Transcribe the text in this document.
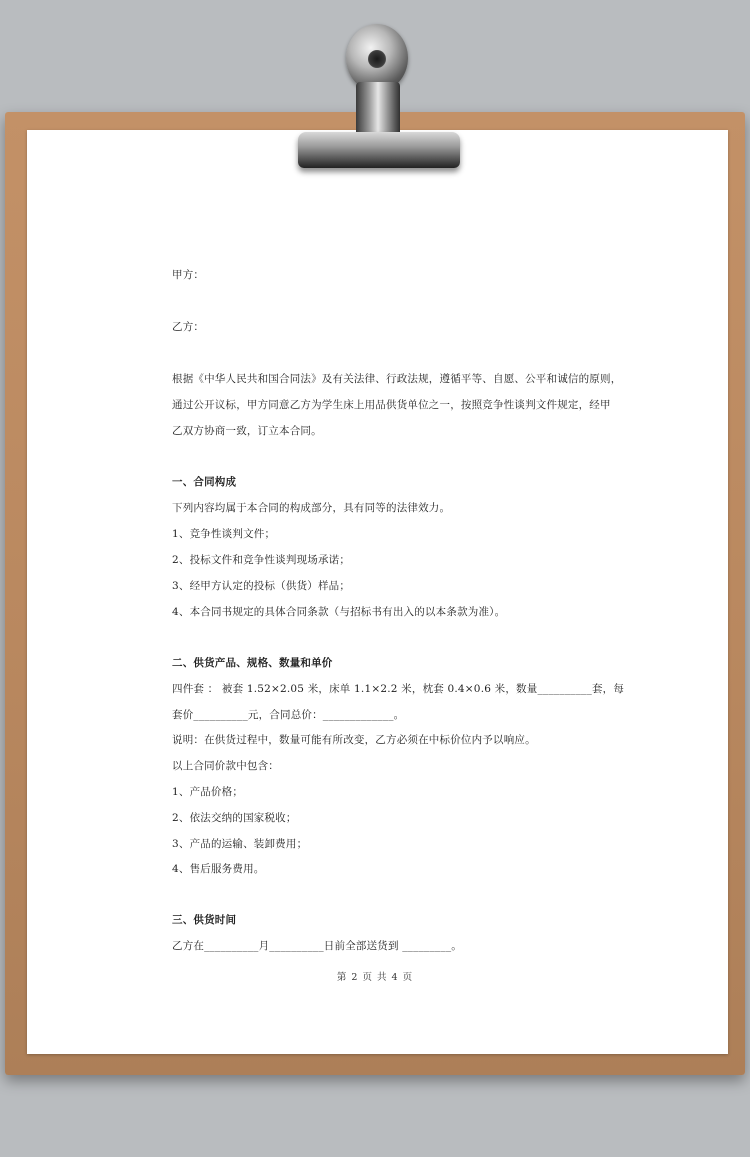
甲方：
乙方：
根据《中华人民共和国合同法》及有关法律、行政法规，遵循平等、自愿、公平和诚信的原则，
通过公开议标，甲方同意乙方为学生床上用品供货单位之一，按照竞争性谈判文件规定，经甲
乙双方协商一致，订立本合同。
一、合同构成
下列内容均属于本合同的构成部分，具有同等的法律效力。
1、竞争性谈判文件；
2、投标文件和竞争性谈判现场承诺；
3、经甲方认定的投标（供货）样品；
4、本合同书规定的具体合同条款（与招标书有出入的以本条款为准）。
二、供货产品、规格、数量和单价
四件套 ： 被套 1.52×2.05 米，床单 1.1×2.2 米，枕套 0.4×0.6 米，数量__________套，每
套价__________元，合同总价：_____________。
说明：在供货过程中，数量可能有所改变，乙方必须在中标价位内予以响应。
以上合同价款中包含：
1、产品价格；
2、依法交纳的国家税收；
3、产品的运输、装卸费用；
4、售后服务费用。
三、供货时间
乙方在__________月__________日前全部送货到 _________。
第 2 页 共 4 页
